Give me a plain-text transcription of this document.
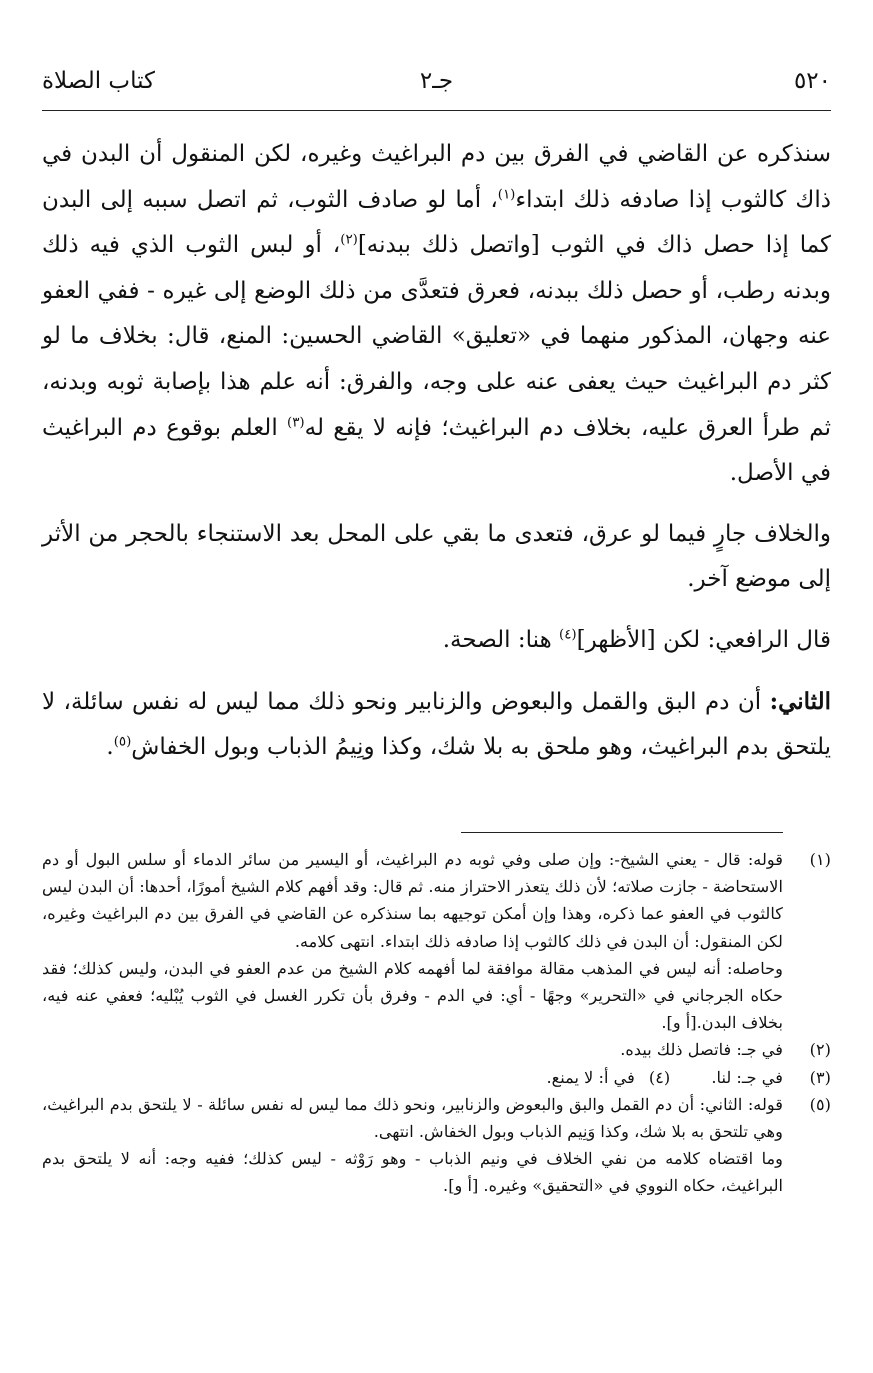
٥٢٠
جـ٢
كتاب الصلاة

سنذكره عن القاضي في الفرق بين دم البراغيث وغيره، لكن المنقول أن البدن في ذاك كالثوب إذا صادفه ذلك ابتداء$^{(١)}$، أما لو صادف الثوب، ثم اتصل سببه إلى البدن كما إذا حصل ذاك في الثوب [واتصل ذلك ببدنه]$^{(٢)}$، أو لبس الثوب الذي فيه ذلك وبدنه رطب، أو حصل ذلك ببدنه، فعرق فتعدَّى من ذلك الوضع إلى غيره - ففي العفو عنه وجهان، المذكور منهما في «تعليق» القاضي الحسين: المنع، قال: بخلاف ما لو كثر دم البراغيث حيث يعفى عنه على وجه، والفرق: أنه علم هذا بإصابة ثوبه وبدنه، ثم طرأ العرق عليه، بخلاف دم البراغيث؛ فإنه لا يقع له$^{(٣)}$ العلم بوقوع دم البراغيث في الأصل.

والخلاف جارٍ فيما لو عرق، فتعدى ما بقي على المحل بعد الاستنجاء بالحجر من الأثر إلى موضع آخر.

قال الرافعي: لكن [الأظهر]$^{(٤)}$ هنا: الصحة.

الثاني: أن دم البق والقمل والبعوض والزنابير ونحو ذلك مما ليس له نفس سائلة، لا يلتحق بدم البراغيث، وهو ملحق به بلا شك، وكذا ونِيمُ الذباب وبول الخفاش$^{(٥)}$.

(١)
قوله: قال - يعني الشيخ-: وإن صلى وفي ثوبه دم البراغيث، أو اليسير من سائر الدماء أو سلس البول أو دم الاستحاضة - جازت صلاته؛ لأن ذلك يتعذر الاحتراز منه. ثم قال: وقد أفهم كلام الشيخ أمورًا، أحدها: أن البدن ليس كالثوب في العفو عما ذكره، وهذا وإن أمكن توجيهه بما سنذكره عن القاضي في الفرق بين دم البراغيث وغيره، لكن المنقول: أن البدن في ذلك كالثوب إذا صادفه ذلك ابتداء. انتهى كلامه.
وحاصله: أنه ليس في المذهب مقالة موافقة لما أفهمه كلام الشيخ من عدم العفو في البدن، وليس كذلك؛ فقد حكاه الجرجاني في «التحرير» وجهًا - أي: في الدم - وفرق بأن تكرر الغسل في الثوب يُبْليه؛ فعفي عنه فيه، بخلاف البدن.[أ و].
(٢)
في جـ: فاتصل ذلك بيده.
(٣)
في جـ: لنا. (٤)في أ: لا يمنع.
(٥)
قوله: الثاني: أن دم القمل والبق والبعوض والزنابير، ونحو ذلك مما ليس له نفس سائلة - لا يلتحق بدم البراغيث، وهي تلتحق به بلا شك، وكذا وَنِيم الذباب وبول الخفاش. انتهى.
وما اقتضاه كلامه من نفي الخلاف في ونيم الذباب - وهو رَوْثه - ليس كذلك؛ ففيه وجه: أنه لا يلتحق بدم البراغيث، حكاه النووي في «التحقيق» وغيره. [أ و].
